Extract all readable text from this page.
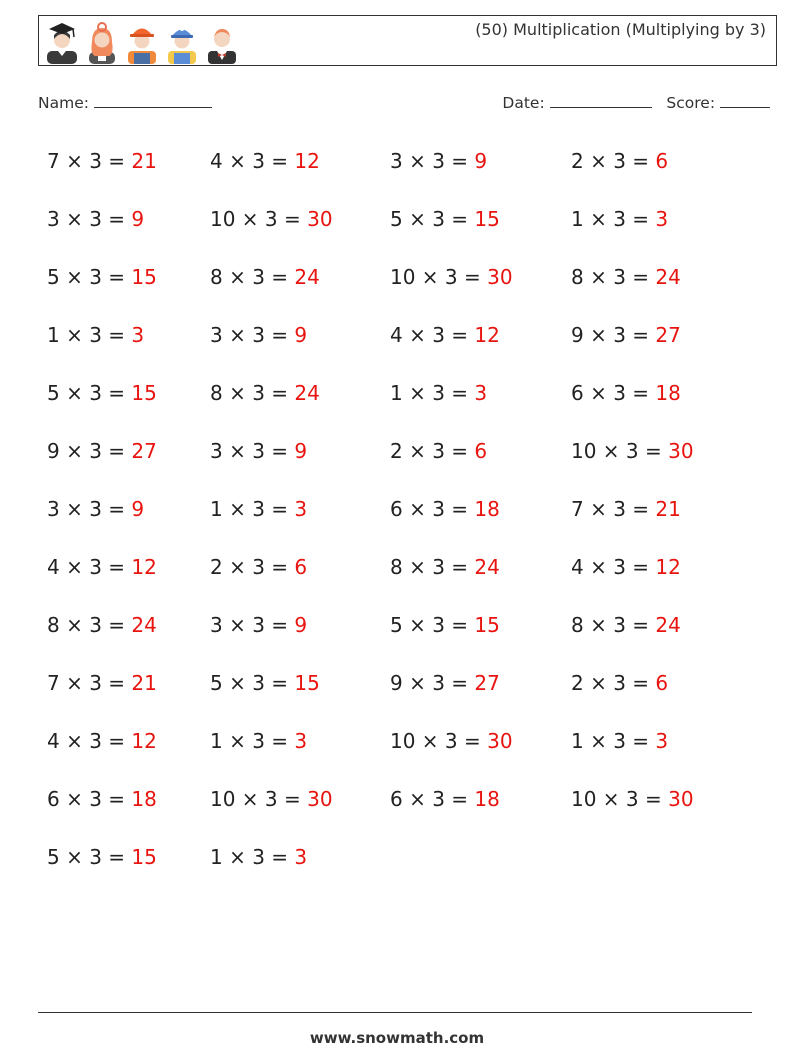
(50) Multiplication (Multiplying by 3)
Name:	Date:	Score:
7 × 3 = 21
3 × 3 = 9
5 × 3 = 15
1 × 3 = 3
5 × 3 = 15
9 × 3 = 27
3 × 3 = 9
4 × 3 = 12
8 × 3 = 24
7 × 3 = 21
4 × 3 = 12
6 × 3 = 18
5 × 3 = 15
4 × 3 = 12
10 × 3 = 30
8 × 3 = 24
3 × 3 = 9
8 × 3 = 24
3 × 3 = 9
1 × 3 = 3
2 × 3 = 6
3 × 3 = 9
5 × 3 = 15
1 × 3 = 3
10 × 3 = 30
1 × 3 = 3
3 × 3 = 9
5 × 3 = 15
10 × 3 = 30
4 × 3 = 12
1 × 3 = 3
2 × 3 = 6
6 × 3 = 18
8 × 3 = 24
5 × 3 = 15
9 × 3 = 27
10 × 3 = 30
6 × 3 = 18
2 × 3 = 6
1 × 3 = 3
8 × 3 = 24
9 × 3 = 27
6 × 3 = 18
10 × 3 = 30
7 × 3 = 21
4 × 3 = 12
8 × 3 = 24
2 × 3 = 6
1 × 3 = 3
10 × 3 = 30
www.snowmath.com
